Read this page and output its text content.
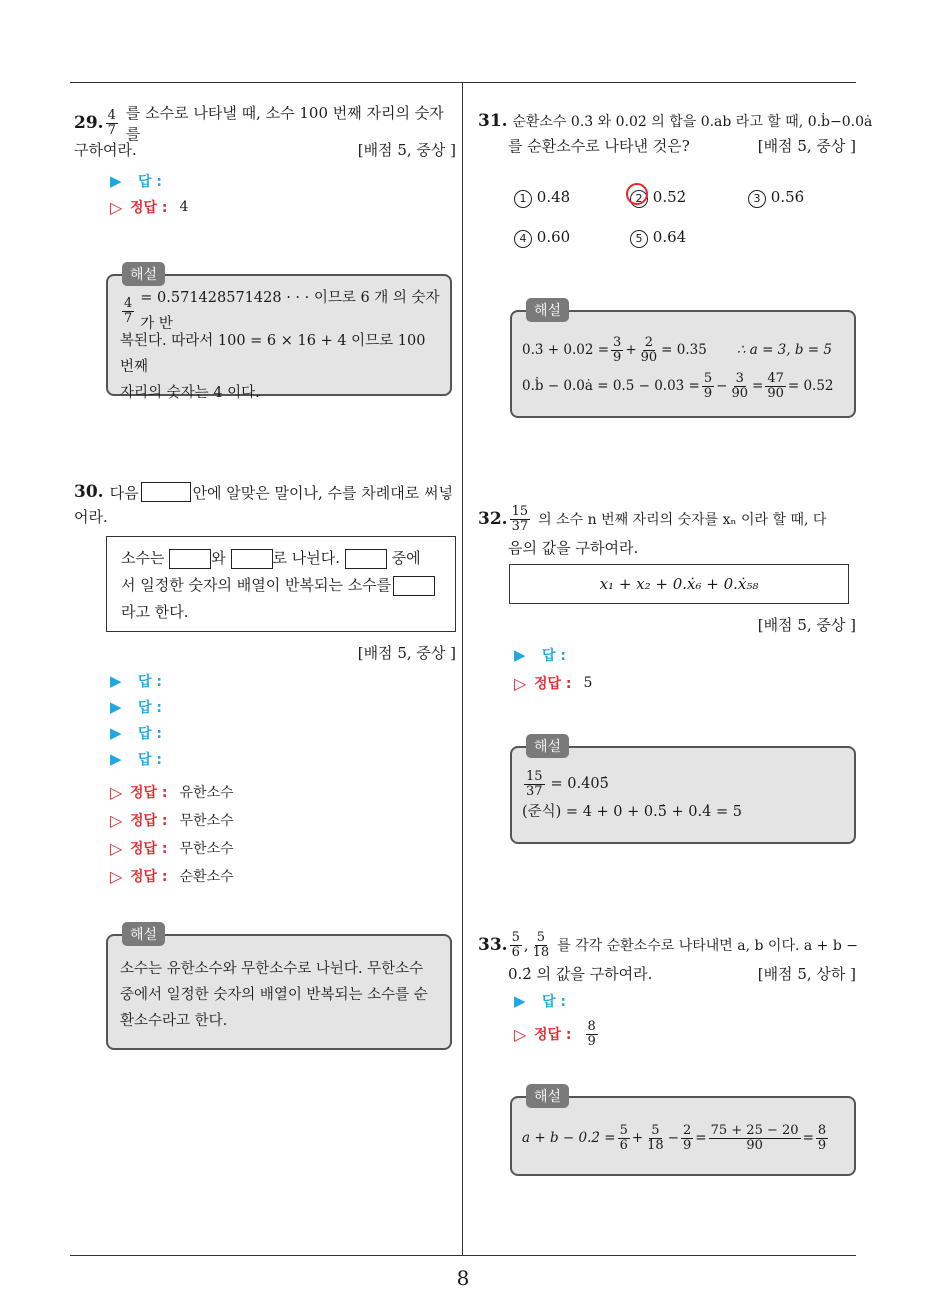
8
29. $\frac{4}{7}$ 를 소수로 나타낼 때, 소수 100 번째 자리의 숫자를
구하여라.	[배점 5, 중상 ]
▶	답 :
▷ 정답 : 4
해설
$\frac{4}{7} = 0.571428571428$ · · · 이므로 6 개 의 숫자가 반
복된다. 따라서 100 = 6 × 16 + 4 이므로 100 번째
자리의 숫자는 4 이다.
30. 다음	안에 알맞은 말이나, 수를 차례대로 써넣
어라.
소수는	와	로 나뉜다.	중에
서 일정한 숫자의 배열이 반복되는 소수를
라고 한다.
[배점 5, 중상 ]
▶	답 :
▶	답 :
▶	답 :
▶	답 :
▷ 정답 : 유한소수
▷ 정답 : 무한소수
▷ 정답 : 무한소수
▷ 정답 : 순환소수
해설
소수는 유한소수와 무한소수로 나뉜다. 무한소수
중에서 일정한 숫자의 배열이 반복되는 소수를 순
환소수라고 한다.
31. 순환소수 0.3̇ 와 0.02̇ 의 합을 0.ab 라고 할 때, 0.ḃ−0.0ȧ
를 순환소수로 나타낸 것은?	[배점 5, 중상 ]
1 0.48̇	2 0.52̇	3 0.56̇
4 0.60̇	5 0.64̇
해설
0.3̇ + 0.02̇ = $\frac{3}{9} + \frac{2}{90}$ = 0.35̇ ∴ a = 3, b = 5
0.ḃ − 0.0ȧ = 0.5̇ − 0.03̇ = $\frac{5}{9} - \frac{3}{90} = \frac{47}{90}$ = 0.52̇
32. $\frac{15}{37}$ 의 소수 n 번째 자리의 숫자를 xₙ 이라 할 때, 다
음의 값을 구하여라.
x₁ + x₂ + 0.ẋ₆ + 0.ẋ₅₈
[배점 5, 중상 ]
▶	답 :
▷ 정답 : 5
해설
$\frac{15}{37}$ = 0.4̇05̇
(준식) = 4 + 0 + 0.5̇ + 0.4̇ = 5
33. $\frac{5}{6}$ , $\frac{5}{18}$ 를 각각 순환소수로 나타내면 a, b 이다. a + b −
0.2̇ 의 값을 구하여라.	[배점 5, 상하 ]
▶	답 :
▷ 정답 : $\frac{8}{9}$
해설
a + b − 0.2̇ = $\frac{5}{6} + \frac{5}{18} - \frac{2}{9} = \frac{75 + 25 - 20}{90} = \frac{8}{9}$
